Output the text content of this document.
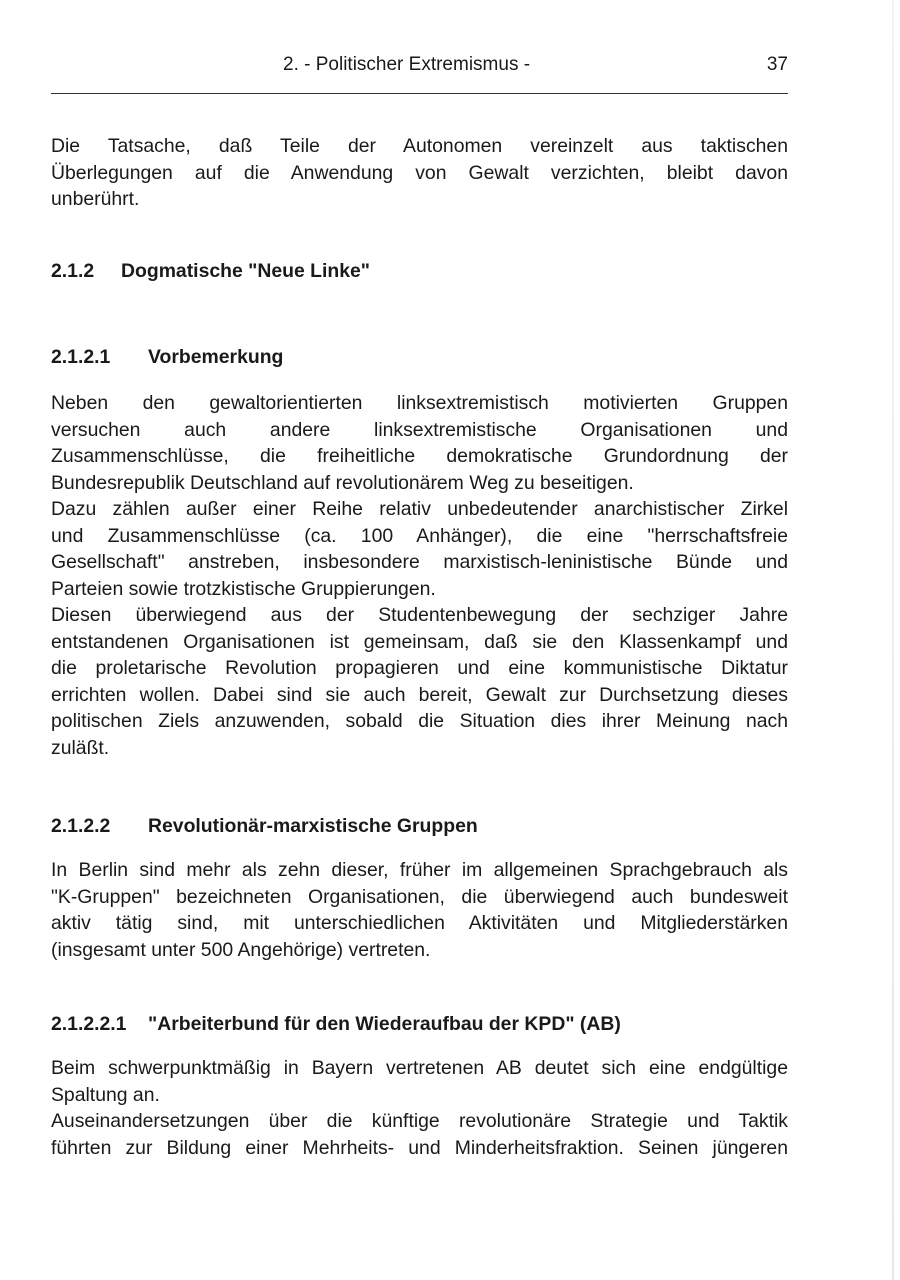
2. - Politischer Extremismus -	37
Die Tatsache, daß Teile der Autonomen vereinzelt aus taktischen
Überlegungen auf die Anwendung von Gewalt verzichten, bleibt davon
unberührt.
2.1.2 Dogmatische "Neue Linke"
2.1.2.1 Vorbemerkung
Neben den gewaltorientierten linksextremistisch motivierten Gruppen
versuchen auch andere linksextremistische Organisationen und
Zusammenschlüsse, die freiheitliche demokratische Grundordnung der
Bundesrepublik Deutschland auf revolutionärem Weg zu beseitigen.
Dazu zählen außer einer Reihe relativ unbedeutender anarchistischer Zirkel
und Zusammenschlüsse (ca. 100 Anhänger), die eine "herrschaftsfreie
Gesellschaft" anstreben, insbesondere marxistisch-leninistische Bünde und
Parteien sowie trotzkistische Gruppierungen.
Diesen überwiegend aus der Studentenbewegung der sechziger Jahre
entstandenen Organisationen ist gemeinsam, daß sie den Klassenkampf und
die proletarische Revolution propagieren und eine kommunistische Diktatur
errichten wollen. Dabei sind sie auch bereit, Gewalt zur Durchsetzung dieses
politischen Ziels anzuwenden, sobald die Situation dies ihrer Meinung nach
zuläßt.
2.1.2.2 Revolutionär-marxistische Gruppen
In Berlin sind mehr als zehn dieser, früher im allgemeinen Sprachgebrauch als
"K-Gruppen" bezeichneten Organisationen, die überwiegend auch bundesweit
aktiv tätig sind, mit unterschiedlichen Aktivitäten und Mitgliederstärken
(insgesamt unter 500 Angehörige) vertreten.
2.1.2.2.1 "Arbeiterbund für den Wiederaufbau der KPD" (AB)
Beim schwerpunktmäßig in Bayern vertretenen AB deutet sich eine endgültige
Spaltung an.
Auseinandersetzungen über die künftige revolutionäre Strategie und Taktik
führten zur Bildung einer Mehrheits- und Minderheitsfraktion. Seinen jüngeren
